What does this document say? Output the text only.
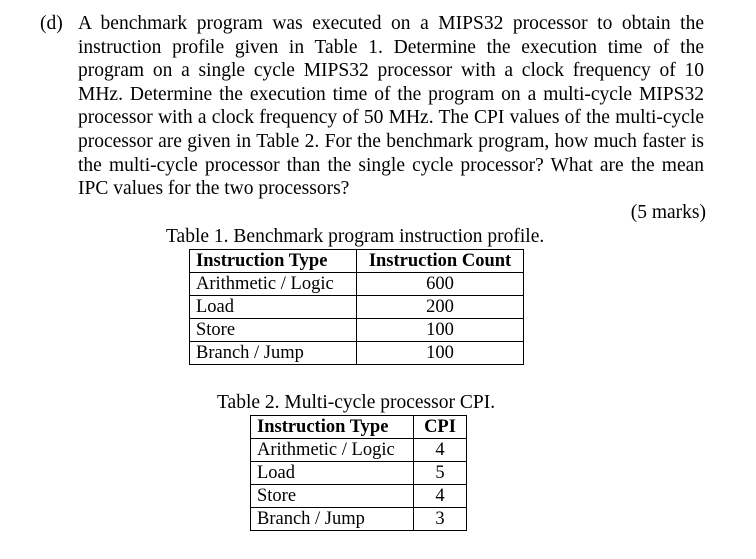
(d) A benchmark program was executed on a MIPS32 processor to obtain the instruction profile given in Table 1. Determine the execution time of the program on a single cycle MIPS32 processor with a clock frequency of 10 MHz. Determine the execution time of the program on a multi-cycle MIPS32 processor with a clock frequency of 50 MHz. The CPI values of the multi-cycle processor are given in Table 2. For the benchmark program, how much faster is the multi-cycle processor than the single cycle processor? What are the mean IPC values for the two processors?
(5 marks)
Table 1. Benchmark program instruction profile.
Instruction Type	Instruction Count
Arithmetic / Logic	600
Load	200
Store	100
Branch / Jump	100
Table 2. Multi-cycle processor CPI.
Instruction Type	CPI
Arithmetic / Logic	4
Load	5
Store	4
Branch / Jump	3
